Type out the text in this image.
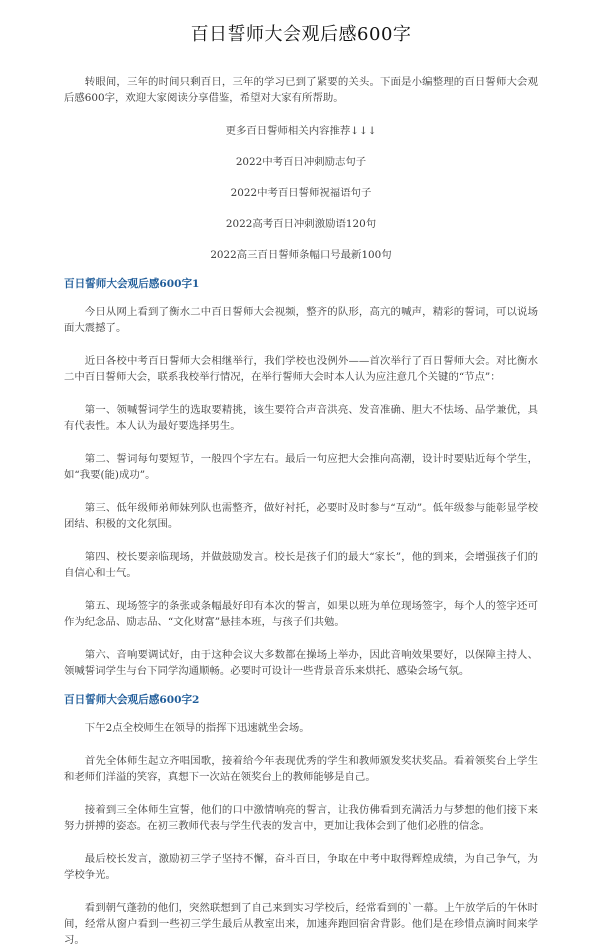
百日誓师大会观后感600字

转眼间，三年的时间只剩百日，三年的学习已到了紧要的关头。下面是小编整理的百日誓师大会观后感600字，欢迎大家阅读分享借鉴，希望对大家有所帮助。

更多百日誓师相关内容推荐↓↓↓

2022中考百日冲刺励志句子

2022中考百日誓师祝福语句子

2022高考百日冲刺激励语120句

2022高三百日誓师条幅口号最新100句

百日誓师大会观后感600字1

今日从网上看到了衡水二中百日誓师大会视频，整齐的队形，高亢的喊声，精彩的誓词，可以说场面大震撼了。

近日各校中考百日誓师大会相继举行，我们学校也没例外——首次举行了百日誓师大会。对比衡水二中百日誓师大会，联系我校举行情况，在举行誓师大会时本人认为应注意几个关键的“节点”：

第一、领喊誓词学生的选取要精挑，该生要符合声音洪亮、发音准确、胆大不怯场、品学兼优，具有代表性。本人认为最好要选择男生。

第二、誓词每句要短节，一般四个字左右。最后一句应把大会推向高潮，设计时要贴近每个学生，如“我要(能)成功”。

第三、低年级师弟师妹列队也需整齐，做好衬托，必要时及时参与“互动”。低年级参与能彰显学校团结、积极的文化氛围。

第四、校长要亲临现场，并做鼓励发言。校长是孩子们的最大“家长”，他的到来，会增强孩子们的自信心和士气。

第五、现场签字的条张或条幅最好印有本次的誓言，如果以班为单位现场签字，每个人的签字还可作为纪念品、励志品、“文化财富”悬挂本班，与孩子们共勉。

第六、音响要调试好，由于这种会议大多数都在操场上举办，因此音响效果要好，以保障主持人、领喊誓词学生与台下同学沟通顺畅。必要时可设计一些背景音乐来烘托、感染会场气氛。

百日誓师大会观后感600字2

下午2点全校师生在领导的指挥下迅速就坐会场。

首先全体师生起立齐唱国歌，接着给今年表现优秀的学生和教师颁发奖状奖品。看着领奖台上学生和老师们洋溢的笑容，真想下一次站在领奖台上的教师能够是自己。

接着到三全体师生宣誓，他们的口中激情响亮的誓言，让我仿佛看到充满活力与梦想的他们接下来努力拼搏的姿态。在初三教师代表与学生代表的发言中，更加让我体会到了他们必胜的信念。

最后校长发言，激励初三学子坚持不懈，奋斗百日，争取在中考中取得辉煌成绩，为自己争气，为学校争光。

看到朝气蓬勃的他们，突然联想到了自己来到实习学校后，经常看到的`一幕。上午放学后的午休时间，经常从窗户看到一些初三学生最后从教室出来，加速奔跑回宿舍背影。他们是在珍惜点滴时间来学习。
